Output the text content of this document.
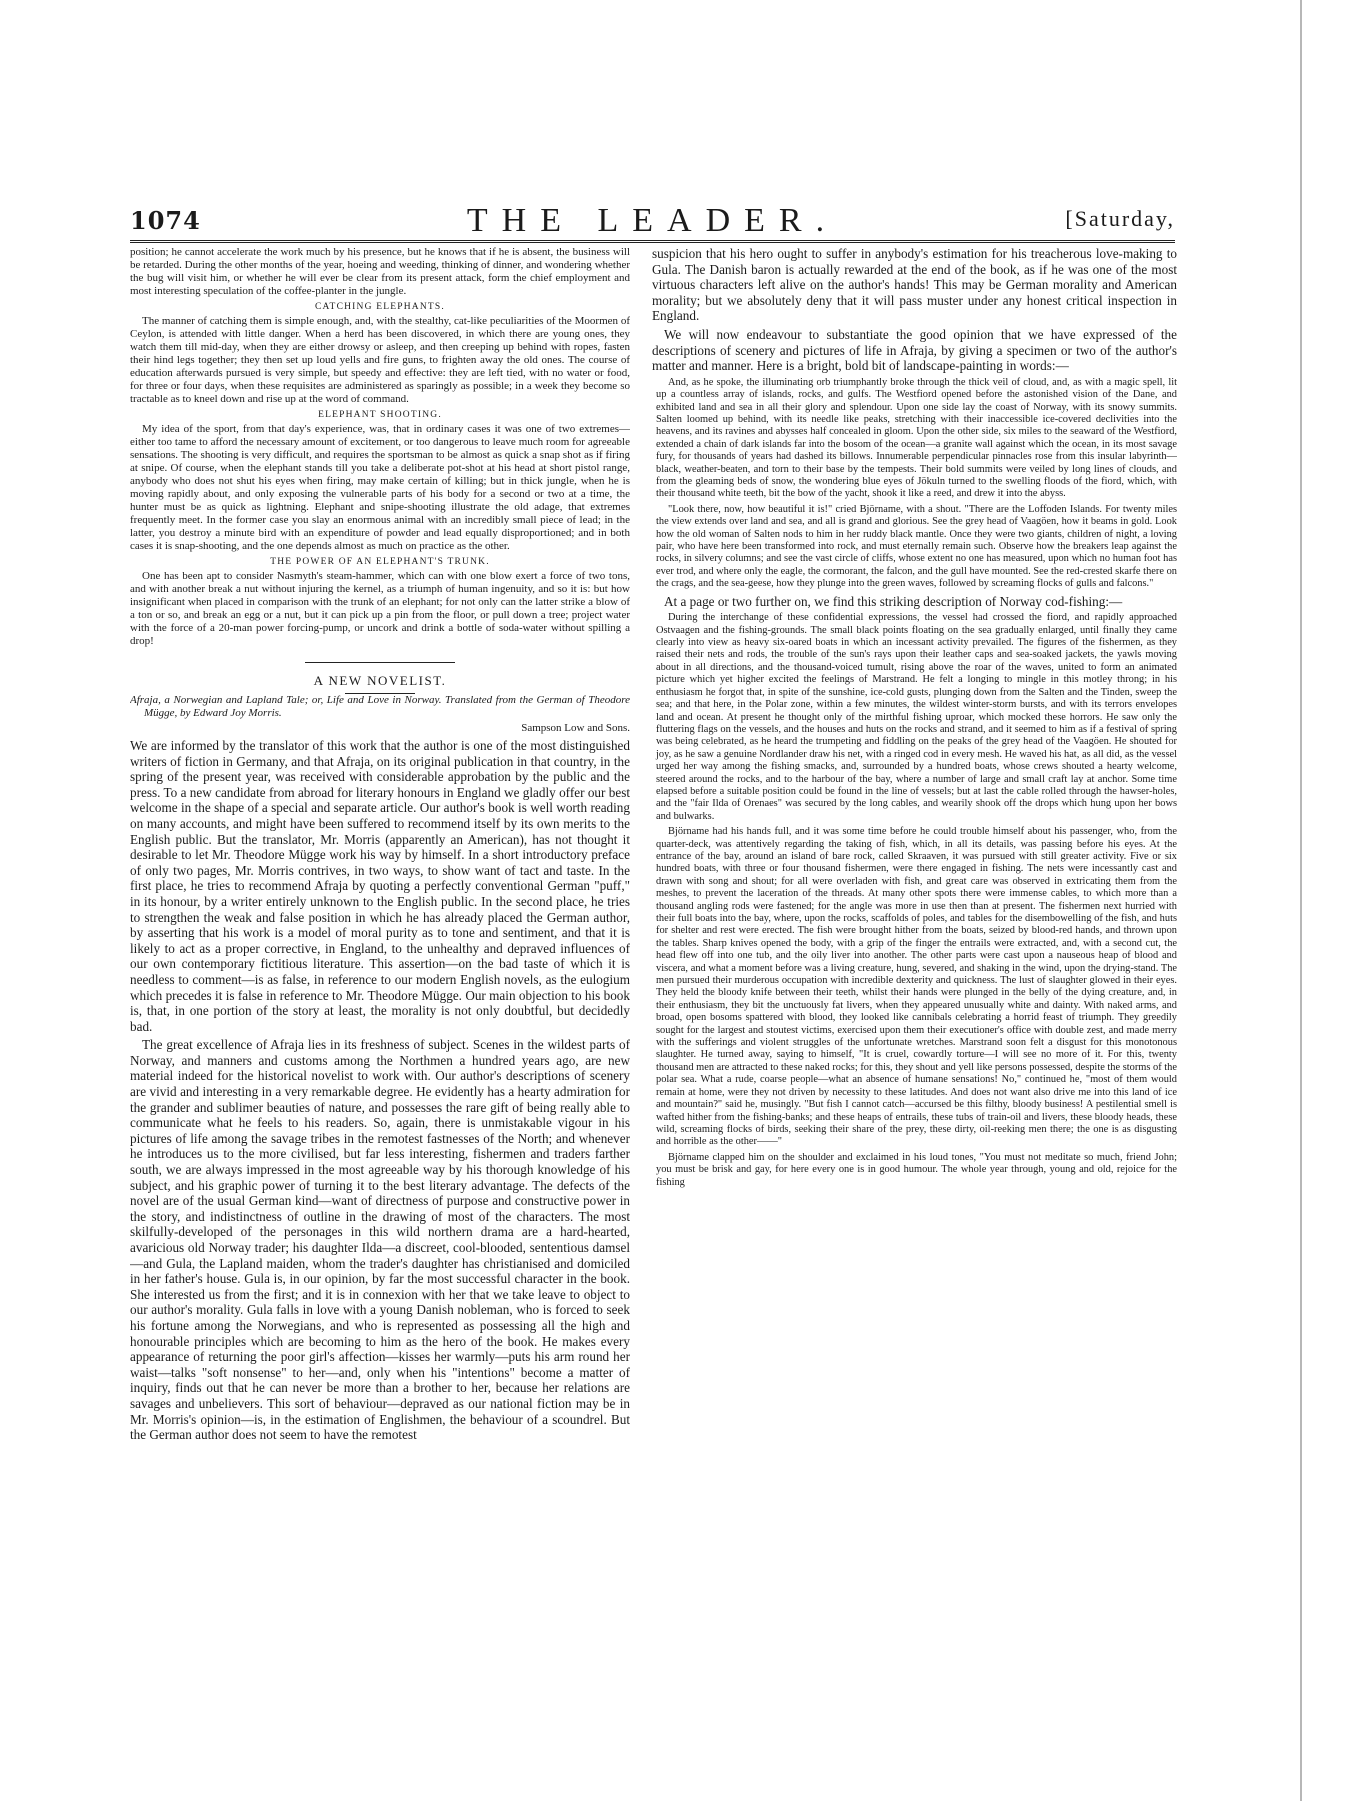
1074	THE LEADER.	[Saturday,

position; he cannot accelerate the work much by his presence, but he knows that if he is absent, the business will be retarded. During the other months of the year, hoeing and weeding, thinking of dinner, and wondering whether the bug will visit him, or whether he will ever be clear from its present attack, form the chief employment and most interesting speculation of the coffee-planter in the jungle.

CATCHING ELEPHANTS.

The manner of catching them is simple enough, and, with the stealthy, cat-like peculiarities of the Moormen of Ceylon, is attended with little danger. When a herd has been discovered, in which there are young ones, they watch them till mid-day, when they are either drowsy or asleep, and then creeping up behind with ropes, fasten their hind legs together; they then set up loud yells and fire guns, to frighten away the old ones. The course of education afterwards pursued is very simple, but speedy and effective: they are left tied, with no water or food, for three or four days, when these requisites are administered as sparingly as possible; in a week they become so tractable as to kneel down and rise up at the word of command.

ELEPHANT SHOOTING.

My idea of the sport, from that day's experience, was, that in ordinary cases it was one of two extremes—either too tame to afford the necessary amount of excitement, or too dangerous to leave much room for agreeable sensations. The shooting is very difficult, and requires the sportsman to be almost as quick a snap shot as if firing at snipe. Of course, when the elephant stands till you take a deliberate pot-shot at his head at short pistol range, anybody who does not shut his eyes when firing, may make certain of killing; but in thick jungle, when he is moving rapidly about, and only exposing the vulnerable parts of his body for a second or two at a time, the hunter must be as quick as lightning. Elephant and snipe-shooting illustrate the old adage, that extremes frequently meet. In the former case you slay an enormous animal with an incredibly small piece of lead; in the latter, you destroy a minute bird with an expenditure of powder and lead equally disproportioned; and in both cases it is snap-shooting, and the one depends almost as much on practice as the other.

THE POWER OF AN ELEPHANT'S TRUNK.

One has been apt to consider Nasmyth's steam-hammer, which can with one blow exert a force of two tons, and with another break a nut without injuring the kernel, as a triumph of human ingenuity, and so it is: but how insignificant when placed in comparison with the trunk of an elephant; for not only can the latter strike a blow of a ton or so, and break an egg or a nut, but it can pick up a pin from the floor, or pull down a tree; project water with the force of a 20-man power forcing-pump, or uncork and drink a bottle of soda-water without spilling a drop!

A NEW NOVELIST.

Afraja, a Norwegian and Lapland Tale; or, Life and Love in Norway. Translated from the German of Theodore Mügge, by Edward Joy Morris.

Sampson Low and Sons.

We are informed by the translator of this work that the author is one of the most distinguished writers of fiction in Germany, and that Afraja, on its original publication in that country, in the spring of the present year, was received with considerable approbation by the public and the press. To a new candidate from abroad for literary honours in England we gladly offer our best welcome in the shape of a special and separate article. Our author's book is well worth reading on many accounts, and might have been suffered to recommend itself by its own merits to the English public. But the translator, Mr. Morris (apparently an American), has not thought it desirable to let Mr. Theodore Mügge work his way by himself. In a short introductory preface of only two pages, Mr. Morris contrives, in two ways, to show want of tact and taste. In the first place, he tries to recommend Afraja by quoting a perfectly conventional German "puff," in its honour, by a writer entirely unknown to the English public. In the second place, he tries to strengthen the weak and false position in which he has already placed the German author, by asserting that his work is a model of moral purity as to tone and sentiment, and that it is likely to act as a proper corrective, in England, to the unhealthy and depraved influences of our own contemporary fictitious literature. This assertion—on the bad taste of which it is needless to comment—is as false, in reference to our modern English novels, as the eulogium which precedes it is false in reference to Mr. Theodore Mügge. Our main objection to his book is, that, in one portion of the story at least, the morality is not only doubtful, but decidedly bad.

The great excellence of Afraja lies in its freshness of subject. Scenes in the wildest parts of Norway, and manners and customs among the Northmen a hundred years ago, are new material indeed for the historical novelist to work with. Our author's descriptions of scenery are vivid and interesting in a very remarkable degree. He evidently has a hearty admiration for the grander and sublimer beauties of nature, and possesses the rare gift of being really able to communicate what he feels to his readers. So, again, there is unmistakable vigour in his pictures of life among the savage tribes in the remotest fastnesses of the North; and whenever he introduces us to the more civilised, but far less interesting, fishermen and traders farther south, we are always impressed in the most agreeable way by his thorough knowledge of his subject, and his graphic power of turning it to the best literary advantage. The defects of the novel are of the usual German kind—want of directness of purpose and constructive power in the story, and indistinctness of outline in the drawing of most of the characters. The most skilfully-developed of the personages in this wild northern drama are a hard-hearted, avaricious old Norway trader; his daughter Ilda—a discreet, cool-blooded, sententious damsel—and Gula, the Lapland maiden, whom the trader's daughter has christianised and domiciled in her father's house. Gula is, in our opinion, by far the most successful character in the book. She interested us from the first; and it is in connexion with her that we take leave to object to our author's morality. Gula falls in love with a young Danish nobleman, who is forced to seek his fortune among the Norwegians, and who is represented as possessing all the high and honourable principles which are becoming to him as the hero of the book. He makes every appearance of returning the poor girl's affection—kisses her warmly—puts his arm round her waist—talks "soft nonsense" to her—and, only when his "intentions" become a matter of inquiry, finds out that he can never be more than a brother to her, because her relations are savages and unbelievers. This sort of behaviour—depraved as our national fiction may be in Mr. Morris's opinion—is, in the estimation of Englishmen, the behaviour of a scoundrel. But the German author does not seem to have the remotest

suspicion that his hero ought to suffer in anybody's estimation for his treacherous love-making to Gula. The Danish baron is actually rewarded at the end of the book, as if he was one of the most virtuous characters left alive on the author's hands! This may be German morality and American morality; but we absolutely deny that it will pass muster under any honest critical inspection in England.

We will now endeavour to substantiate the good opinion that we have expressed of the descriptions of scenery and pictures of life in Afraja, by giving a specimen or two of the author's matter and manner. Here is a bright, bold bit of landscape-painting in words:—

And, as he spoke, the illuminating orb triumphantly broke through the thick veil of cloud, and, as with a magic spell, lit up a countless array of islands, rocks, and gulfs. The Westfiord opened before the astonished vision of the Dane, and exhibited land and sea in all their glory and splendour. Upon one side lay the coast of Norway, with its snowy summits. Salten loomed up behind, with its needle like peaks, stretching with their inaccessible ice-covered declivities into the heavens, and its ravines and abysses half concealed in gloom. Upon the other side, six miles to the seaward of the Westfiord, extended a chain of dark islands far into the bosom of the ocean—a granite wall against which the ocean, in its most savage fury, for thousands of years had dashed its billows. Innumerable perpendicular pinnacles rose from this insular labyrinth—black, weather-beaten, and torn to their base by the tempests. Their bold summits were veiled by long lines of clouds, and from the gleaming beds of snow, the wondering blue eyes of Jökuln turned to the swelling floods of the fiord, which, with their thousand white teeth, bit the bow of the yacht, shook it like a reed, and drew it into the abyss.

"Look there, now, how beautiful it is!" cried Björname, with a shout. "There are the Loffoden Islands. For twenty miles the view extends over land and sea, and all is grand and glorious. See the grey head of Vaagöen, how it beams in gold. Look how the old woman of Salten nods to him in her ruddy black mantle. Once they were two giants, children of night, a loving pair, who have here been transformed into rock, and must eternally remain such. Observe how the breakers leap against the rocks, in silvery columns; and see the vast circle of cliffs, whose extent no one has measured, upon which no human foot has ever trod, and where only the eagle, the cormorant, the falcon, and the gull have mounted. See the red-crested skarfe there on the crags, and the sea-geese, how they plunge into the green waves, followed by screaming flocks of gulls and falcons."

At a page or two further on, we find this striking description of Norway cod-fishing:—

During the interchange of these confidential expressions, the vessel had crossed the fiord, and rapidly approached Ostvaagen and the fishing-grounds. The small black points floating on the sea gradually enlarged, until finally they came clearly into view as heavy six-oared boats in which an incessant activity prevailed. The figures of the fishermen, as they raised their nets and rods, the trouble of the sun's rays upon their leather caps and sea-soaked jackets, the yawls moving about in all directions, and the thousand-voiced tumult, rising above the roar of the waves, united to form an animated picture which yet higher excited the feelings of Marstrand. He felt a longing to mingle in this motley throng; in his enthusiasm he forgot that, in spite of the sunshine, ice-cold gusts, plunging down from the Salten and the Tinden, sweep the sea; and that here, in the Polar zone, within a few minutes, the wildest winter-storm bursts, and with its terrors envelopes land and ocean. At present he thought only of the mirthful fishing uproar, which mocked these horrors. He saw only the fluttering flags on the vessels, and the houses and huts on the rocks and strand, and it seemed to him as if a festival of spring was being celebrated, as he heard the trumpeting and fiddling on the peaks of the grey head of the Vaagöen. He shouted for joy, as he saw a genuine Nordlander draw his net, with a ringed cod in every mesh. He waved his hat, as all did, as the vessel urged her way among the fishing smacks, and, surrounded by a hundred boats, whose crews shouted a hearty welcome, steered around the rocks, and to the harbour of the bay, where a number of large and small craft lay at anchor. Some time elapsed before a suitable position could be found in the line of vessels; but at last the cable rolled through the hawser-holes, and the "fair Ilda of Orenaes" was secured by the long cables, and wearily shook off the drops which hung upon her bows and bulwarks.

Björname had his hands full, and it was some time before he could trouble himself about his passenger, who, from the quarter-deck, was attentively regarding the taking of fish, which, in all its details, was passing before his eyes. At the entrance of the bay, around an island of bare rock, called Skraaven, it was pursued with still greater activity. Five or six hundred boats, with three or four thousand fishermen, were there engaged in fishing. The nets were incessantly cast and drawn with song and shout; for all were overladen with fish, and great care was observed in extricating them from the meshes, to prevent the laceration of the threads. At many other spots there were immense cables, to which more than a thousand angling rods were fastened; for the angle was more in use then than at present. The fishermen next hurried with their full boats into the bay, where, upon the rocks, scaffolds of poles, and tables for the disembowelling of the fish, and huts for shelter and rest were erected. The fish were brought hither from the boats, seized by blood-red hands, and thrown upon the tables. Sharp knives opened the body, with a grip of the finger the entrails were extracted, and, with a second cut, the head flew off into one tub, and the oily liver into another. The other parts were cast upon a nauseous heap of blood and viscera, and what a moment before was a living creature, hung, severed, and shaking in the wind, upon the drying-stand. The men pursued their murderous occupation with incredible dexterity and quickness. The lust of slaughter glowed in their eyes. They held the bloody knife between their teeth, whilst their hands were plunged in the belly of the dying creature, and, in their enthusiasm, they bit the unctuously fat livers, when they appeared unusually white and dainty. With naked arms, and broad, open bosoms spattered with blood, they looked like cannibals celebrating a horrid feast of triumph. They greedily sought for the largest and stoutest victims, exercised upon them their executioner's office with double zest, and made merry with the sufferings and violent struggles of the unfortunate wretches. Marstrand soon felt a disgust for this monotonous slaughter. He turned away, saying to himself, "It is cruel, cowardly torture—I will see no more of it. For this, twenty thousand men are attracted to these naked rocks; for this, they shout and yell like persons possessed, despite the storms of the polar sea. What a rude, coarse people—what an absence of humane sensations! No," continued he, "most of them would remain at home, were they not driven by necessity to these latitudes. And does not want also drive me into this land of ice and mountain?" said he, musingly. "But fish I cannot catch—accursed be this filthy, bloody business! A pestilential smell is wafted hither from the fishing-banks; and these heaps of entrails, these tubs of train-oil and livers, these bloody heads, these wild, screaming flocks of birds, seeking their share of the prey, these dirty, oil-reeking men there; the one is as disgusting and horrible as the other——"

Björname clapped him on the shoulder and exclaimed in his loud tones, "You must not meditate so much, friend John; you must be brisk and gay, for here every one is in good humour. The whole year through, young and old, rejoice for the fishing
